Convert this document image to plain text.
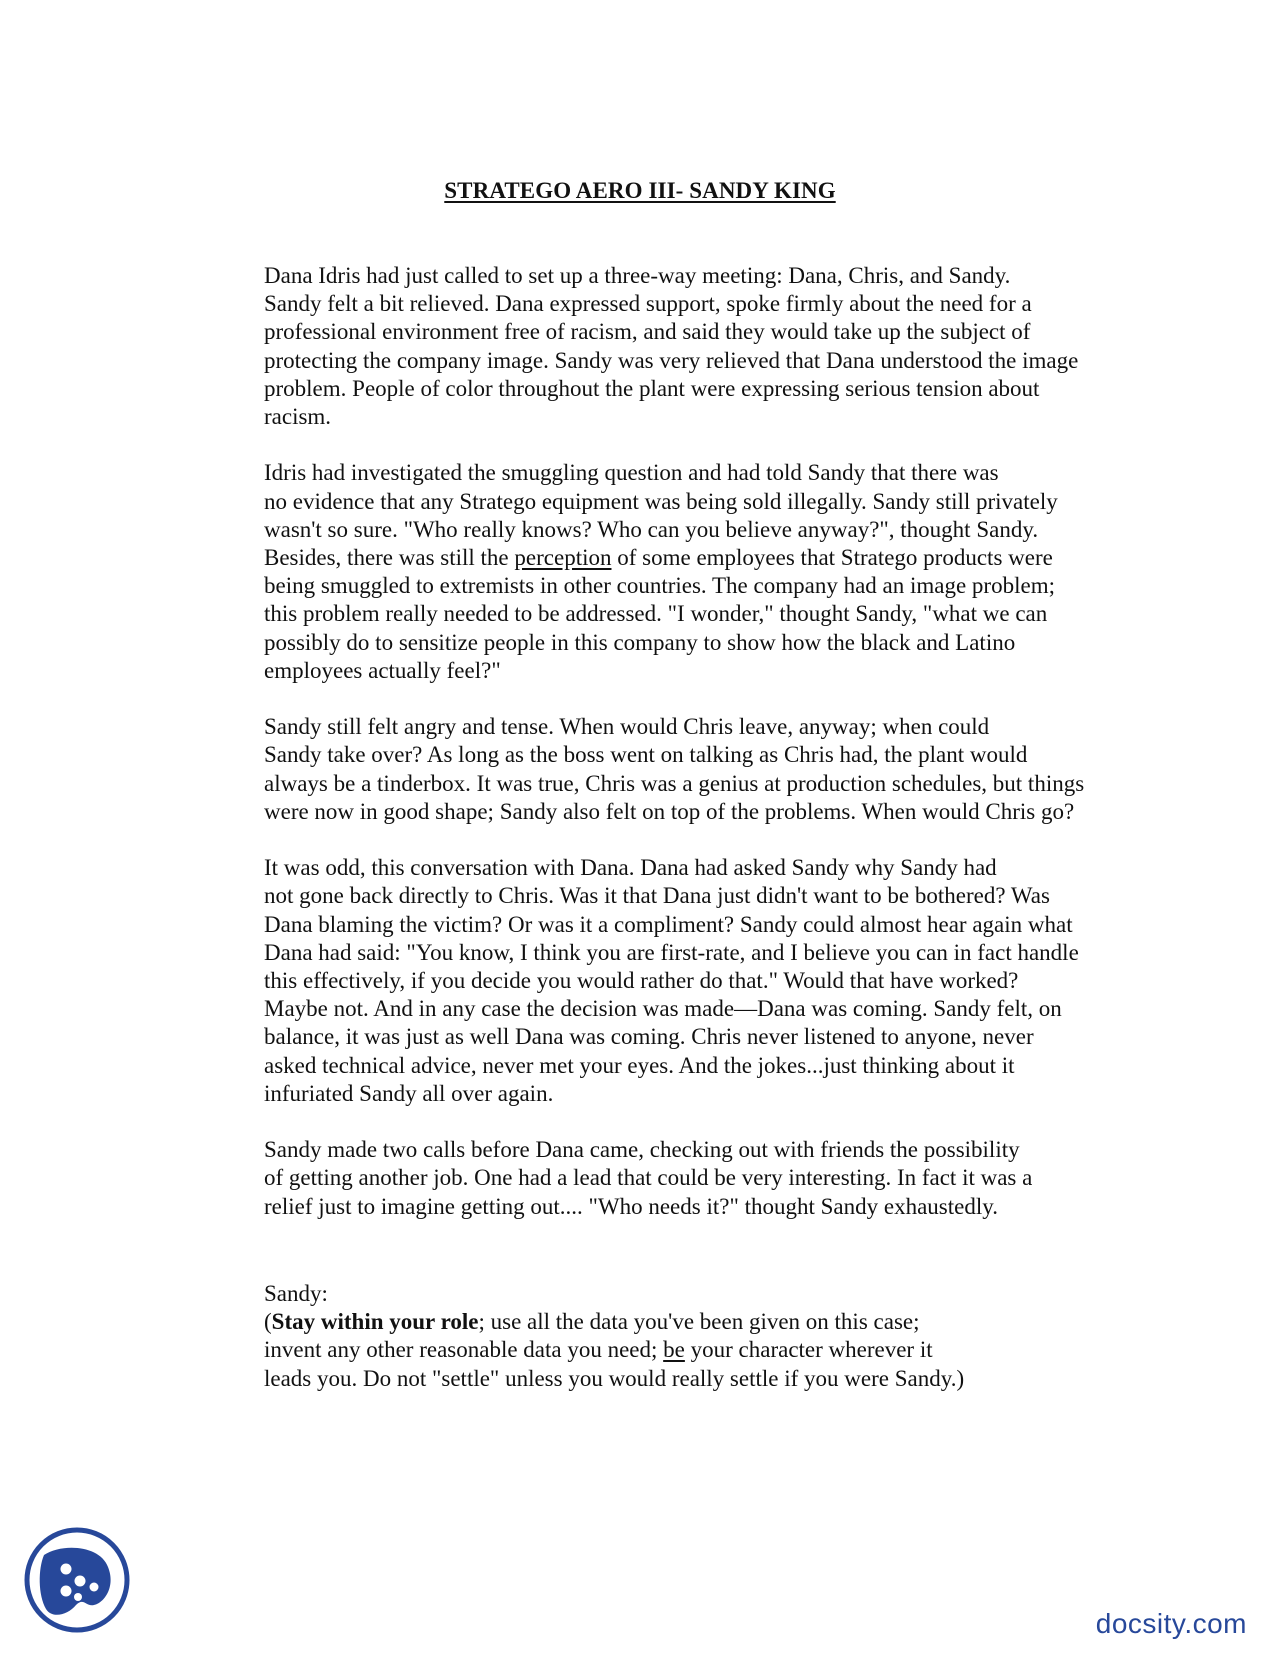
STRATEGO AERO III- SANDY KING

Dana Idris had just called to set up a three-way meeting: Dana, Chris, and Sandy.
Sandy felt a bit relieved. Dana expressed support, spoke firmly about the need for a
professional environment free of racism, and said they would take up the subject of
protecting the company image. Sandy was very relieved that Dana understood the image
problem. People of color throughout the plant were expressing serious tension about
racism.

Idris had investigated the smuggling question and had told Sandy that there was
no evidence that any Stratego equipment was being sold illegally. Sandy still privately
wasn't so sure. "Who really knows? Who can you believe anyway?", thought Sandy.
Besides, there was still the perception of some employees that Stratego products were
being smuggled to extremists in other countries. The company had an image problem;
this problem really needed to be addressed. "I wonder," thought Sandy, "what we can
possibly do to sensitize people in this company to show how the black and Latino
employees actually feel?"

Sandy still felt angry and tense. When would Chris leave, anyway; when could
Sandy take over? As long as the boss went on talking as Chris had, the plant would
always be a tinderbox. It was true, Chris was a genius at production schedules, but things
were now in good shape; Sandy also felt on top of the problems. When would Chris go?

It was odd, this conversation with Dana. Dana had asked Sandy why Sandy had
not gone back directly to Chris. Was it that Dana just didn't want to be bothered? Was
Dana blaming the victim? Or was it a compliment? Sandy could almost hear again what
Dana had said: "You know, I think you are first-rate, and I believe you can in fact handle
this effectively, if you decide you would rather do that." Would that have worked?
Maybe not. And in any case the decision was made—Dana was coming. Sandy felt, on
balance, it was just as well Dana was coming. Chris never listened to anyone, never
asked technical advice, never met your eyes. And the jokes...just thinking about it
infuriated Sandy all over again.

Sandy made two calls before Dana came, checking out with friends the possibility
of getting another job. One had a lead that could be very interesting. In fact it was a
relief just to imagine getting out.... "Who needs it?" thought Sandy exhaustedly.

Sandy:
(Stay within your role; use all the data you've been given on this case;
invent any other reasonable data you need; be your character wherever it
leads you. Do not "settle" unless you would really settle if you were Sandy.)
docsity.com
